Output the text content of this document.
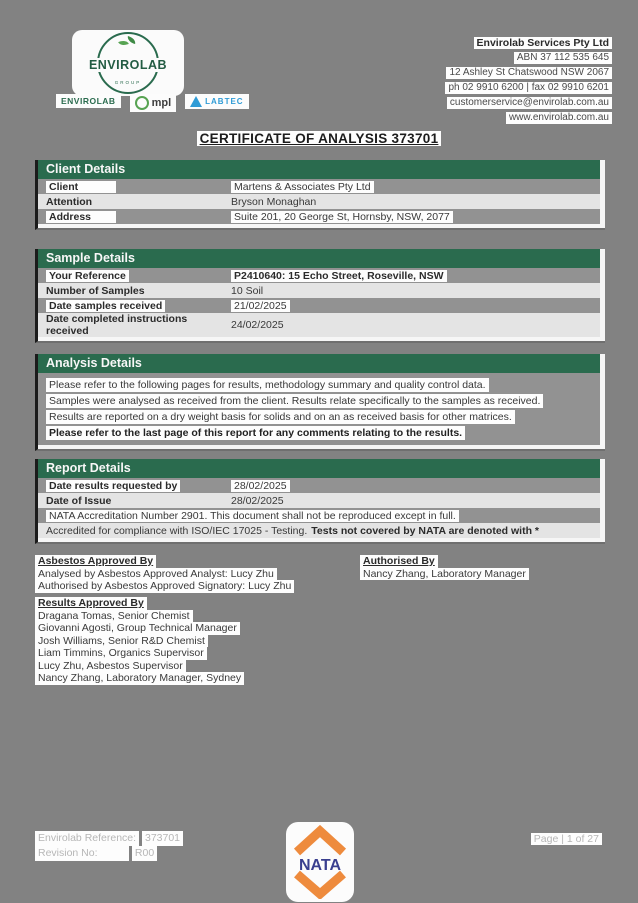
ENVIROLAB
GROUP
ENVIROLAB	mpl	LABTEC
Envirolab Services Pty Ltd
ABN 37 112 535 645
12 Ashley St Chatswood NSW 2067
ph 02 9910 6200 | fax 02 9910 6201
customerservice@envirolab.com.au
www.envirolab.com.au
CERTIFICATE OF ANALYSIS 373701
Client Details
Client	Martens & Associates Pty Ltd
Attention	Bryson Monaghan
Address	Suite 201, 20 George St, Hornsby, NSW, 2077
Sample Details
Your Reference	P2410640: 15 Echo Street, Roseville, NSW
Number of Samples	10 Soil
Date samples received	21/02/2025
Date completed instructions received	24/02/2025
Analysis Details
Please refer to the following pages for results, methodology summary and quality control data.
Samples were analysed as received from the client. Results relate specifically to the samples as received.
Results are reported on a dry weight basis for solids and on an as received basis for other matrices.
Please refer to the last page of this report for any comments relating to the results.
Report Details
Date results requested by	28/02/2025
Date of Issue	28/02/2025
NATA Accreditation Number 2901. This document shall not be reproduced except in full.
Accredited for compliance with ISO/IEC 17025 - Testing. Tests not covered by NATA are denoted with *
Asbestos Approved By
Analysed by Asbestos Approved Analyst: Lucy Zhu
Authorised by Asbestos Approved Signatory: Lucy Zhu
Authorised By
Nancy Zhang, Laboratory Manager
Results Approved By
Dragana Tomas, Senior Chemist
Giovanni Agosti, Group Technical Manager
Josh Williams, Senior R&D Chemist
Liam Timmins, Organics Supervisor
Lucy Zhu, Asbestos Supervisor
Nancy Zhang, Laboratory Manager, Sydney
Envirolab Reference: 373701
Revision No:	R00
NATA
Page | 1 of 27
